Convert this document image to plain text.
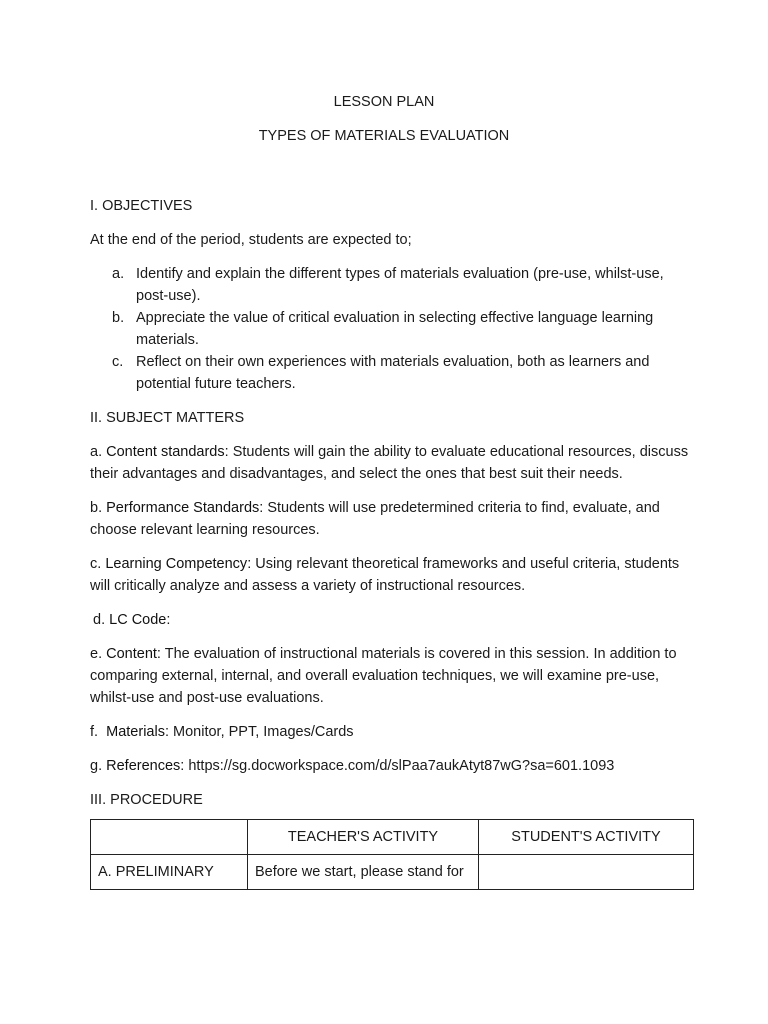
LESSON PLAN
TYPES OF MATERIALS EVALUATION
I. OBJECTIVES
At the end of the period, students are expected to;
a. Identify and explain the different types of materials evaluation (pre-use, whilst-use, post-use).
b. Appreciate the value of critical evaluation in selecting effective language learning materials.
c. Reflect on their own experiences with materials evaluation, both as learners and potential future teachers.
II. SUBJECT MATTERS
a. Content standards: Students will gain the ability to evaluate educational resources, discuss their advantages and disadvantages, and select the ones that best suit their needs.
b. Performance Standards: Students will use predetermined criteria to find, evaluate, and choose relevant learning resources.
c. Learning Competency: Using relevant theoretical frameworks and useful criteria, students will critically analyze and assess a variety of instructional resources.
d. LC Code:
e. Content: The evaluation of instructional materials is covered in this session. In addition to comparing external, internal, and overall evaluation techniques, we will examine pre-use, whilst-use and post-use evaluations.
f.  Materials: Monitor, PPT, Images/Cards
g. References: https://sg.docworkspace.com/d/slPaa7aukAtyt87wG?sa=601.1093
III. PROCEDURE
	TEACHER'S ACTIVITY	STUDENT'S ACTIVITY
A. PRELIMINARY	Before we start, please stand for	
